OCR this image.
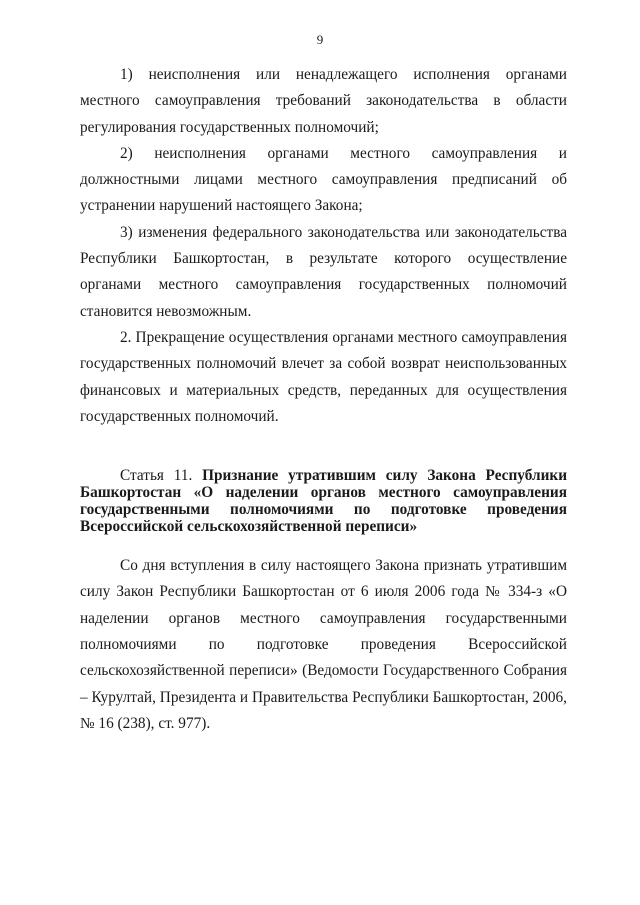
9

1) неисполнения или ненадлежащего исполнения органами местного самоуправления требований законодательства в области регулирования государственных полномочий;

2) неисполнения органами местного самоуправления и должностными лицами местного самоуправления предписаний об устранении нарушений настоящего Закона;

3) изменения федерального законодательства или законодательства Республики Башкортостан, в результате которого осуществление органами местного самоуправления государственных полномочий становится невозможным.

2. Прекращение осуществления органами местного самоуправления государственных полномочий влечет за собой возврат неиспользованных финансовых и материальных средств, переданных для осуществления государственных полномочий.

Статья 11. Признание утратившим силу Закона Республики Башкортостан «О наделении органов местного самоуправления государственными полномочиями по подготовке проведения Всероссийской сельскохозяйственной переписи»

Со дня вступления в силу настоящего Закона признать утратившим силу Закон Республики Башкортостан от 6 июля 2006 года № 334-з «О наделении органов местного самоуправления государственными полномочиями по подготовке проведения Всероссийской сельскохозяйственной переписи» (Ведомости Государственного Собрания – Курултай, Президента и Правительства Республики Башкортостан, 2006, № 16 (238), ст. 977).
